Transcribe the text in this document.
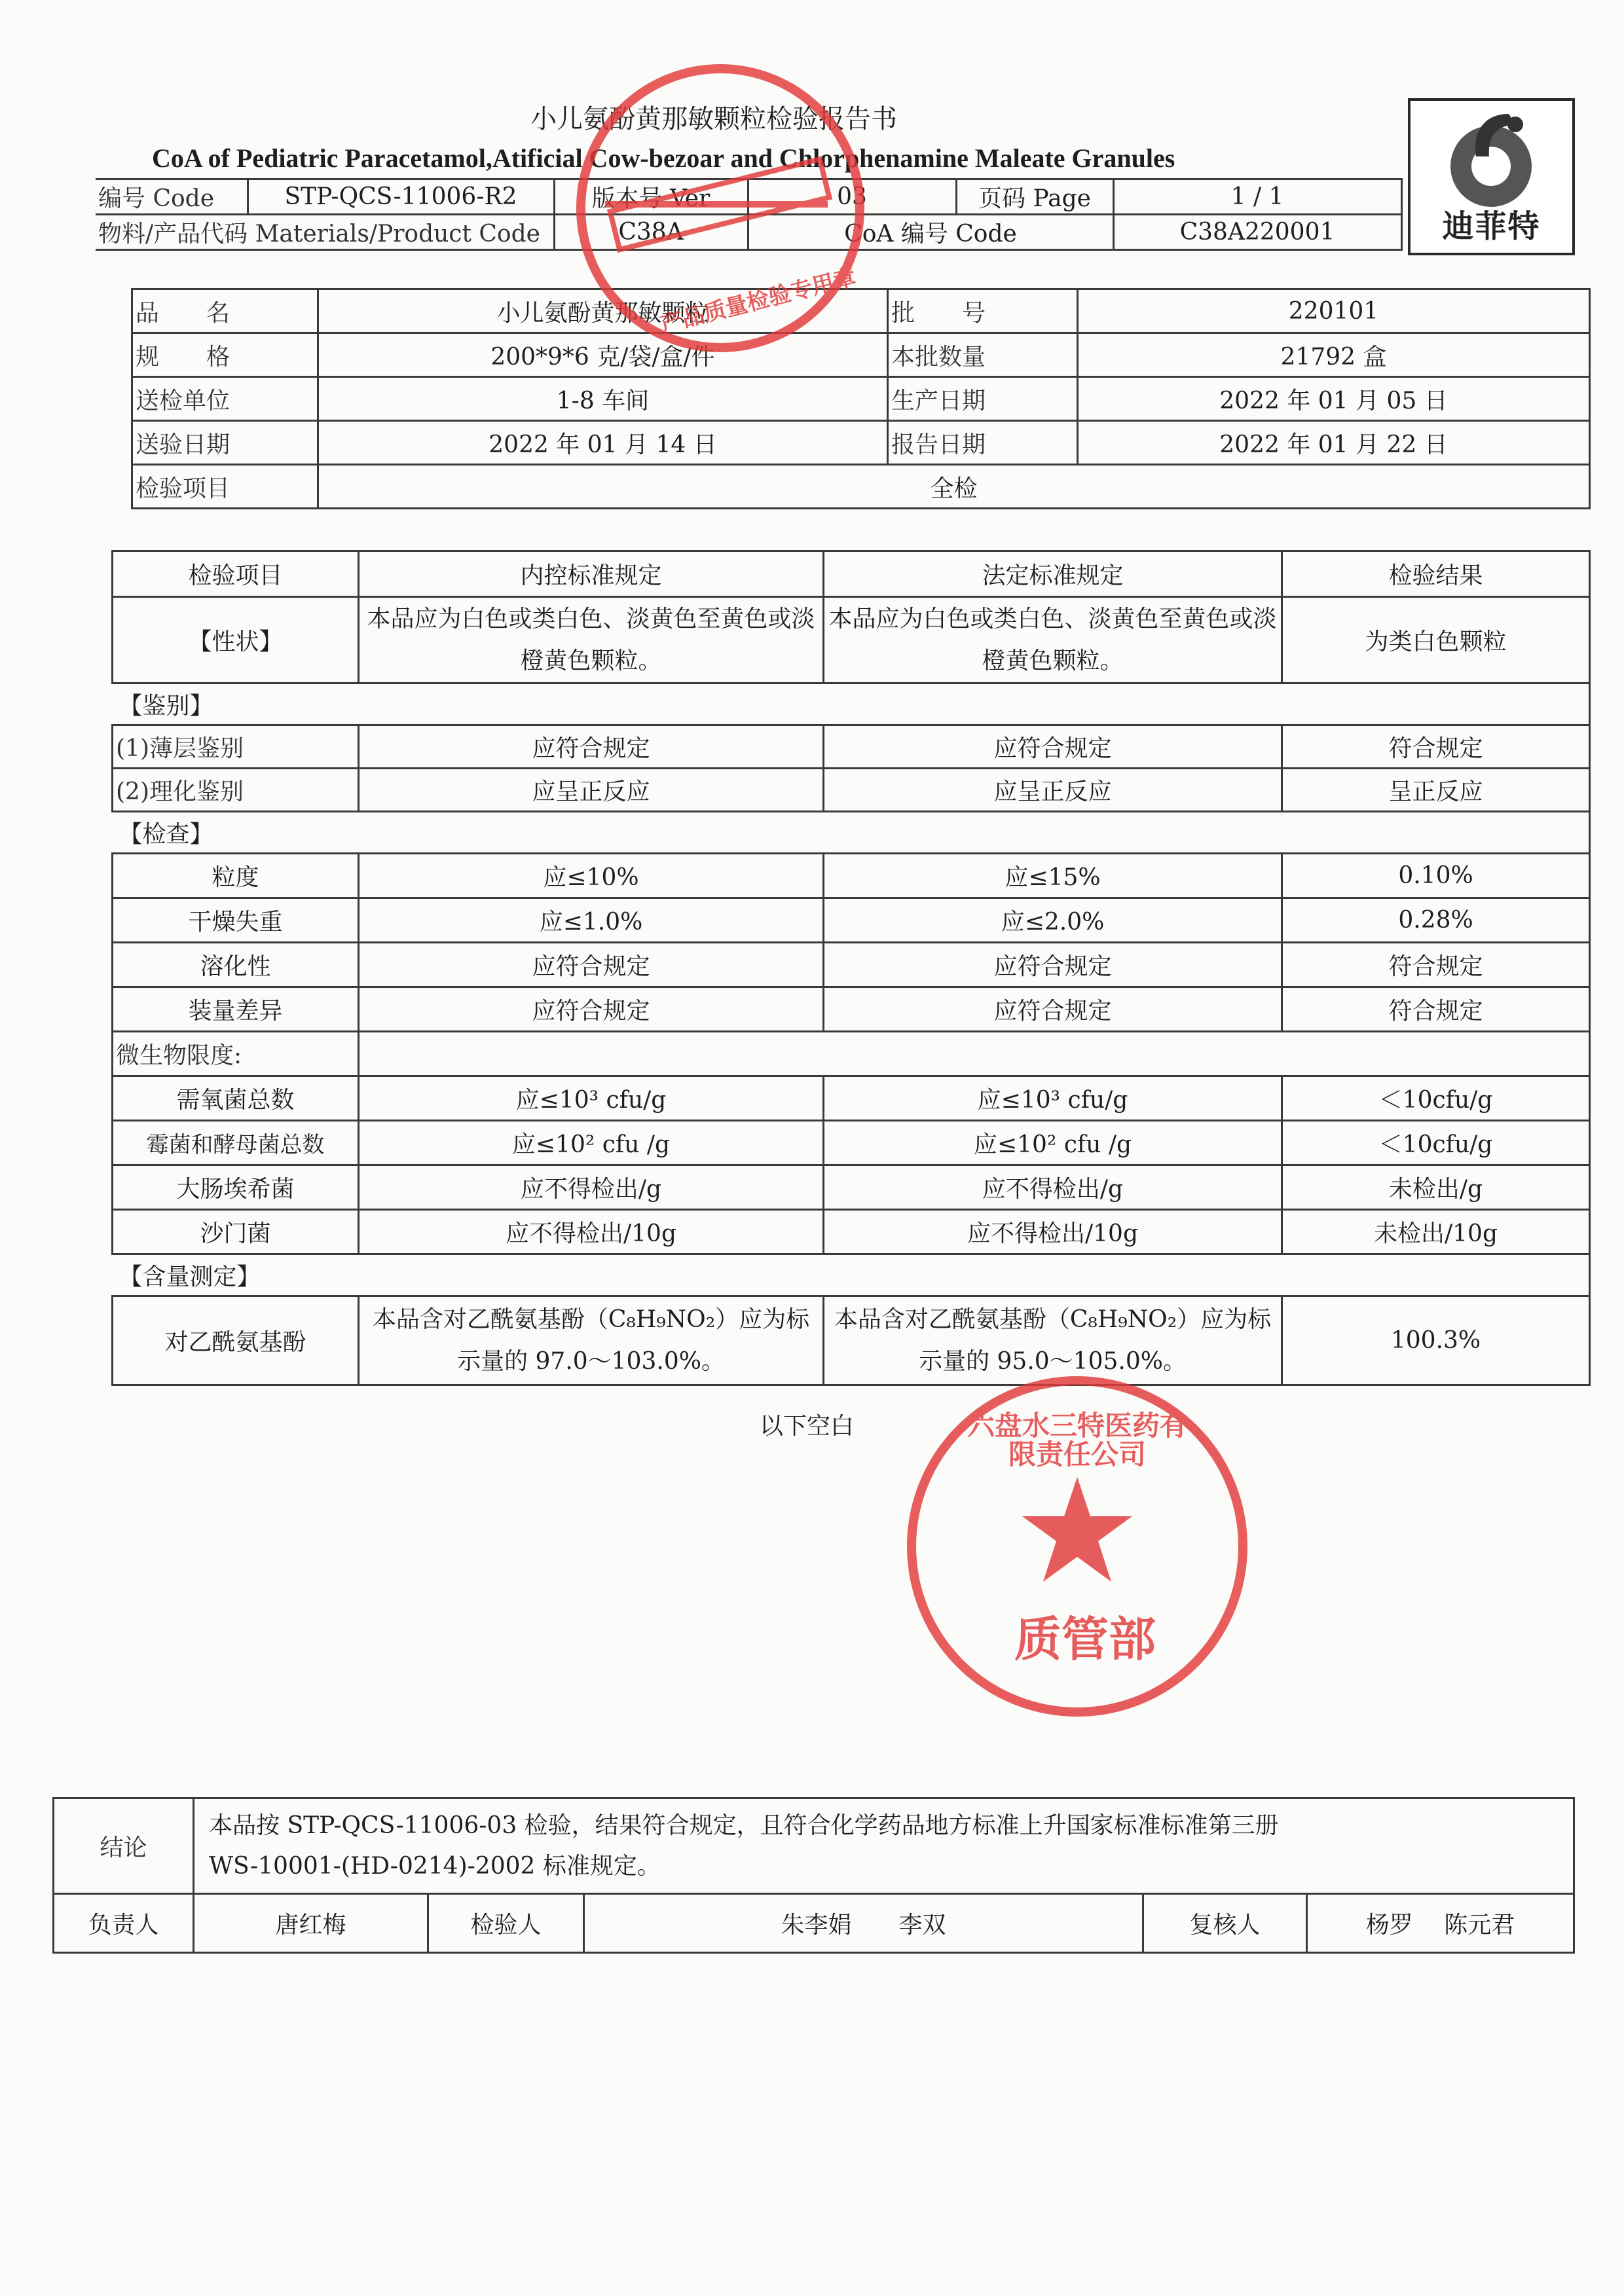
小儿氨酚黄那敏颗粒检验报告书
CoA of Pediatric Paracetamol,Atificial Cow-bezoar and Chlorphenamine Maleate Granules
迪菲特
编号 Code	STP-QCS-11006-R2	版本号 Ver	03	页码 Page	1 / 1
物料/产品代码 Materials/Product Code		C38A	CoA 编号 Code		C38A220001
品　　名	小儿氨酚黄那敏颗粒	批　　号	220101
规　　格	200*9*6 克/袋/盒/件	本批数量	21792 盒
送检单位	1-8 车间	生产日期	2022 年 01 月 05 日
送验日期	2022 年 01 月 14 日	报告日期	2022 年 01 月 22 日
检验项目	全检		
检验项目	内控标准规定	法定标准规定	检验结果
【性状】	本品应为白色或类白色、淡黄色至黄色或淡橙黄色颗粒。	本品应为白色或类白色、淡黄色至黄色或淡橙黄色颗粒。	为类白色颗粒
【鉴别】			
(1)薄层鉴别	应符合规定	应符合规定	符合规定
(2)理化鉴别	应呈正反应	应呈正反应	呈正反应
【检查】			
粒度	应≤10%	应≤15%	0.10%
干燥失重	应≤1.0%	应≤2.0%	0.28%
溶化性	应符合规定	应符合规定	符合规定
装量差异	应符合规定	应符合规定	符合规定
微生物限度:			
需氧菌总数	应≤10³ cfu/g	应≤10³ cfu/g	＜10cfu/g
霉菌和酵母菌总数	应≤10² cfu /g	应≤10² cfu /g	＜10cfu/g
大肠埃希菌	应不得检出/g	应不得检出/g	未检出/g
沙门菌	应不得检出/10g	应不得检出/10g	未检出/10g
【含量测定】			
对乙酰氨基酚	本品含对乙酰氨基酚（C₈H₉NO₂）应为标示量的 97.0～103.0%。	本品含对乙酰氨基酚（C₈H₉NO₂）应为标示量的 95.0～105.0%。	100.3%
以下空白
结论	本品按 STP-QCS-11006-03 检验，结果符合规定，且符合化学药品地方标准上升国家标准标准第三册
WS-10001-(HD-0214)-2002 标准规定。				

负责人	唐红梅	检验人	朱李娟　　李双	复核人	杨罗　 陈元君
产品质量检验专用章
六盘水三特医药有限责任公司
质管部
